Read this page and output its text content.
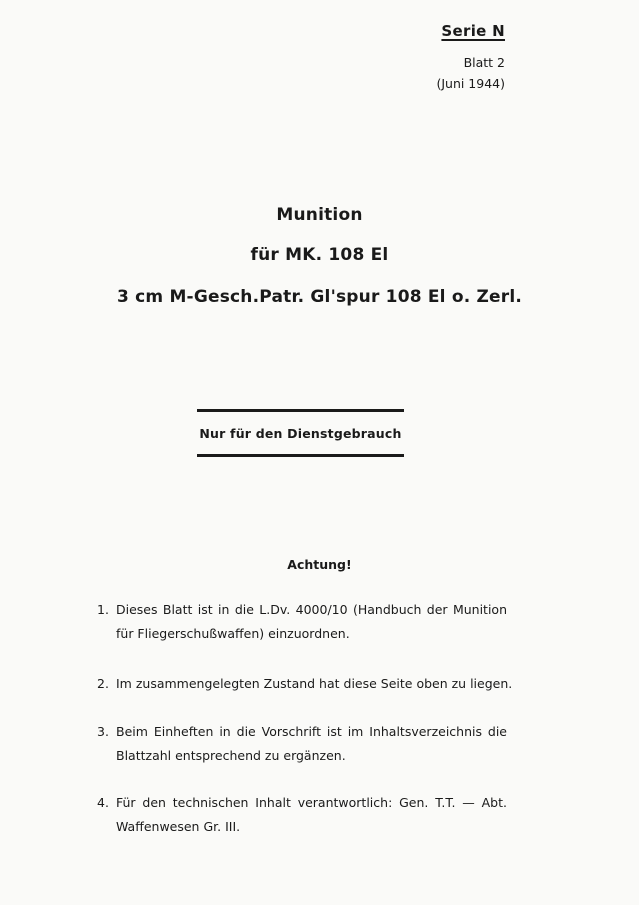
Serie N
Blatt 2
(Juni 1944)
Munition
für MK. 108 El
3 cm M-Gesch.Patr. Gl'spur 108 El o. Zerl.
Nur für den Dienstgebrauch
Achtung!
1. Dieses Blatt ist in die L.Dv. 4000/10 (Handbuch der Munition
für Fliegerschußwaffen) einzuordnen.
2. Im zusammengelegten Zustand hat diese Seite oben zu liegen.
3. Beim Einheften in die Vorschrift ist im Inhaltsverzeichnis die
Blattzahl entsprechend zu ergänzen.
4. Für den technischen Inhalt verantwortlich: Gen. T.T. — Abt.
Waffenwesen Gr. III.
